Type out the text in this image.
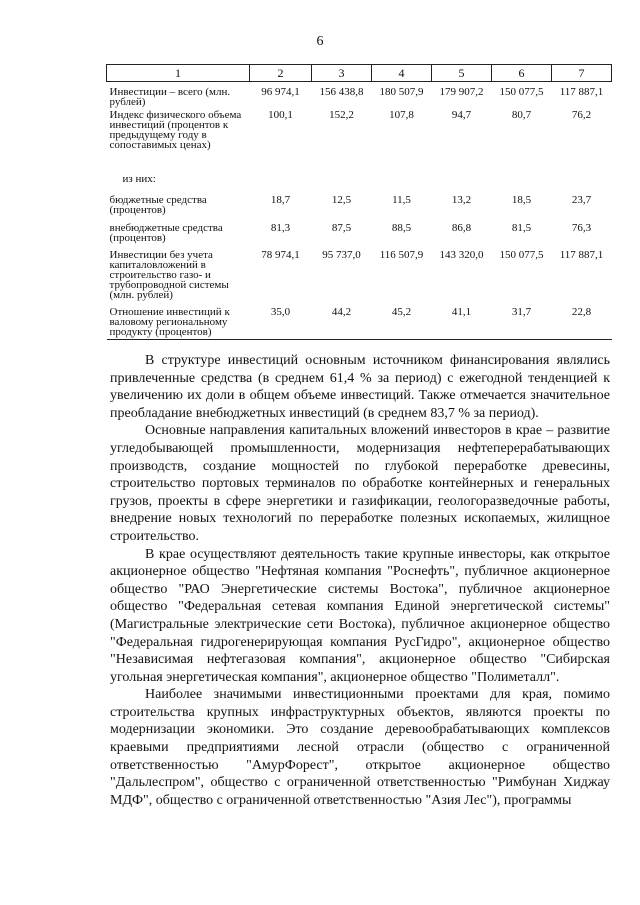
6
1	2	3	4	5	6	7
Инвестиции – всего (млн. рублей)	96 974,1	156 438,8	180 507,9	179 907,2	150 077,5	117 887,1
Индекс физического объема инвестиций (процентов к предыдущему году в сопоставимых ценах)	100,1	152,2	107,8	94,7	80,7	76,2
из них:						
бюджетные средства (процентов)	18,7	12,5	11,5	13,2	18,5	23,7
внебюджетные средства (процентов)	81,3	87,5	88,5	86,8	81,5	76,3
Инвестиции без учета капиталовложений в строительство газо- и трубопроводной системы (млн. рублей)	78 974,1	95 737,0	116 507,9	143 320,0	150 077,5	117 887,1
Отношение инвестиций к валовому региональному продукту (процентов)	35,0	44,2	45,2	41,1	31,7	22,8

В структуре инвестиций основным источником финансирования являлись привлеченные средства (в среднем 61,4 % за период) с ежегодной тенденцией к увеличению их доли в общем объеме инвестиций. Также отмечается значительное преобладание внебюджетных инвестиций (в среднем 83,7 % за период).

Основные направления капитальных вложений инвесторов в крае – развитие угледобывающей промышленности, модернизация нефтеперерабатывающих производств, создание мощностей по глубокой переработке древесины, строительство портовых терминалов по обработке контейнерных и генеральных грузов, проекты в сфере энергетики и газификации, геологоразведочные работы, внедрение новых технологий по переработке полезных ископаемых, жилищное строительство.

В крае осуществляют деятельность такие крупные инвесторы, как открытое акционерное общество "Нефтяная компания "Роснефть", публичное акционерное общество "РАО Энергетические системы Востока", публичное акционерное общество "Федеральная сетевая компания Единой энергетической системы" (Магистральные электрические сети Востока), публичное акционерное общество "Федеральная гидрогенерирующая компания РусГидро", акционерное общество "Независимая нефтегазовая компания", акционерное общество "Сибирская угольная энергетическая компания", акционерное общество "Полиметалл".

Наиболее значимыми инвестиционными проектами для края, помимо строительства крупных инфраструктурных объектов, являются проекты по модернизации экономики. Это создание деревообрабатывающих комплексов краевыми предприятиями лесной отрасли (общество с ограниченной ответственностью "АмурФорест", открытое акционерное общество "Дальлеспром", общество с ограниченной ответственностью "Римбунан Хиджау МДФ", общество с ограниченной ответственностью "Азия Лес"), программы
